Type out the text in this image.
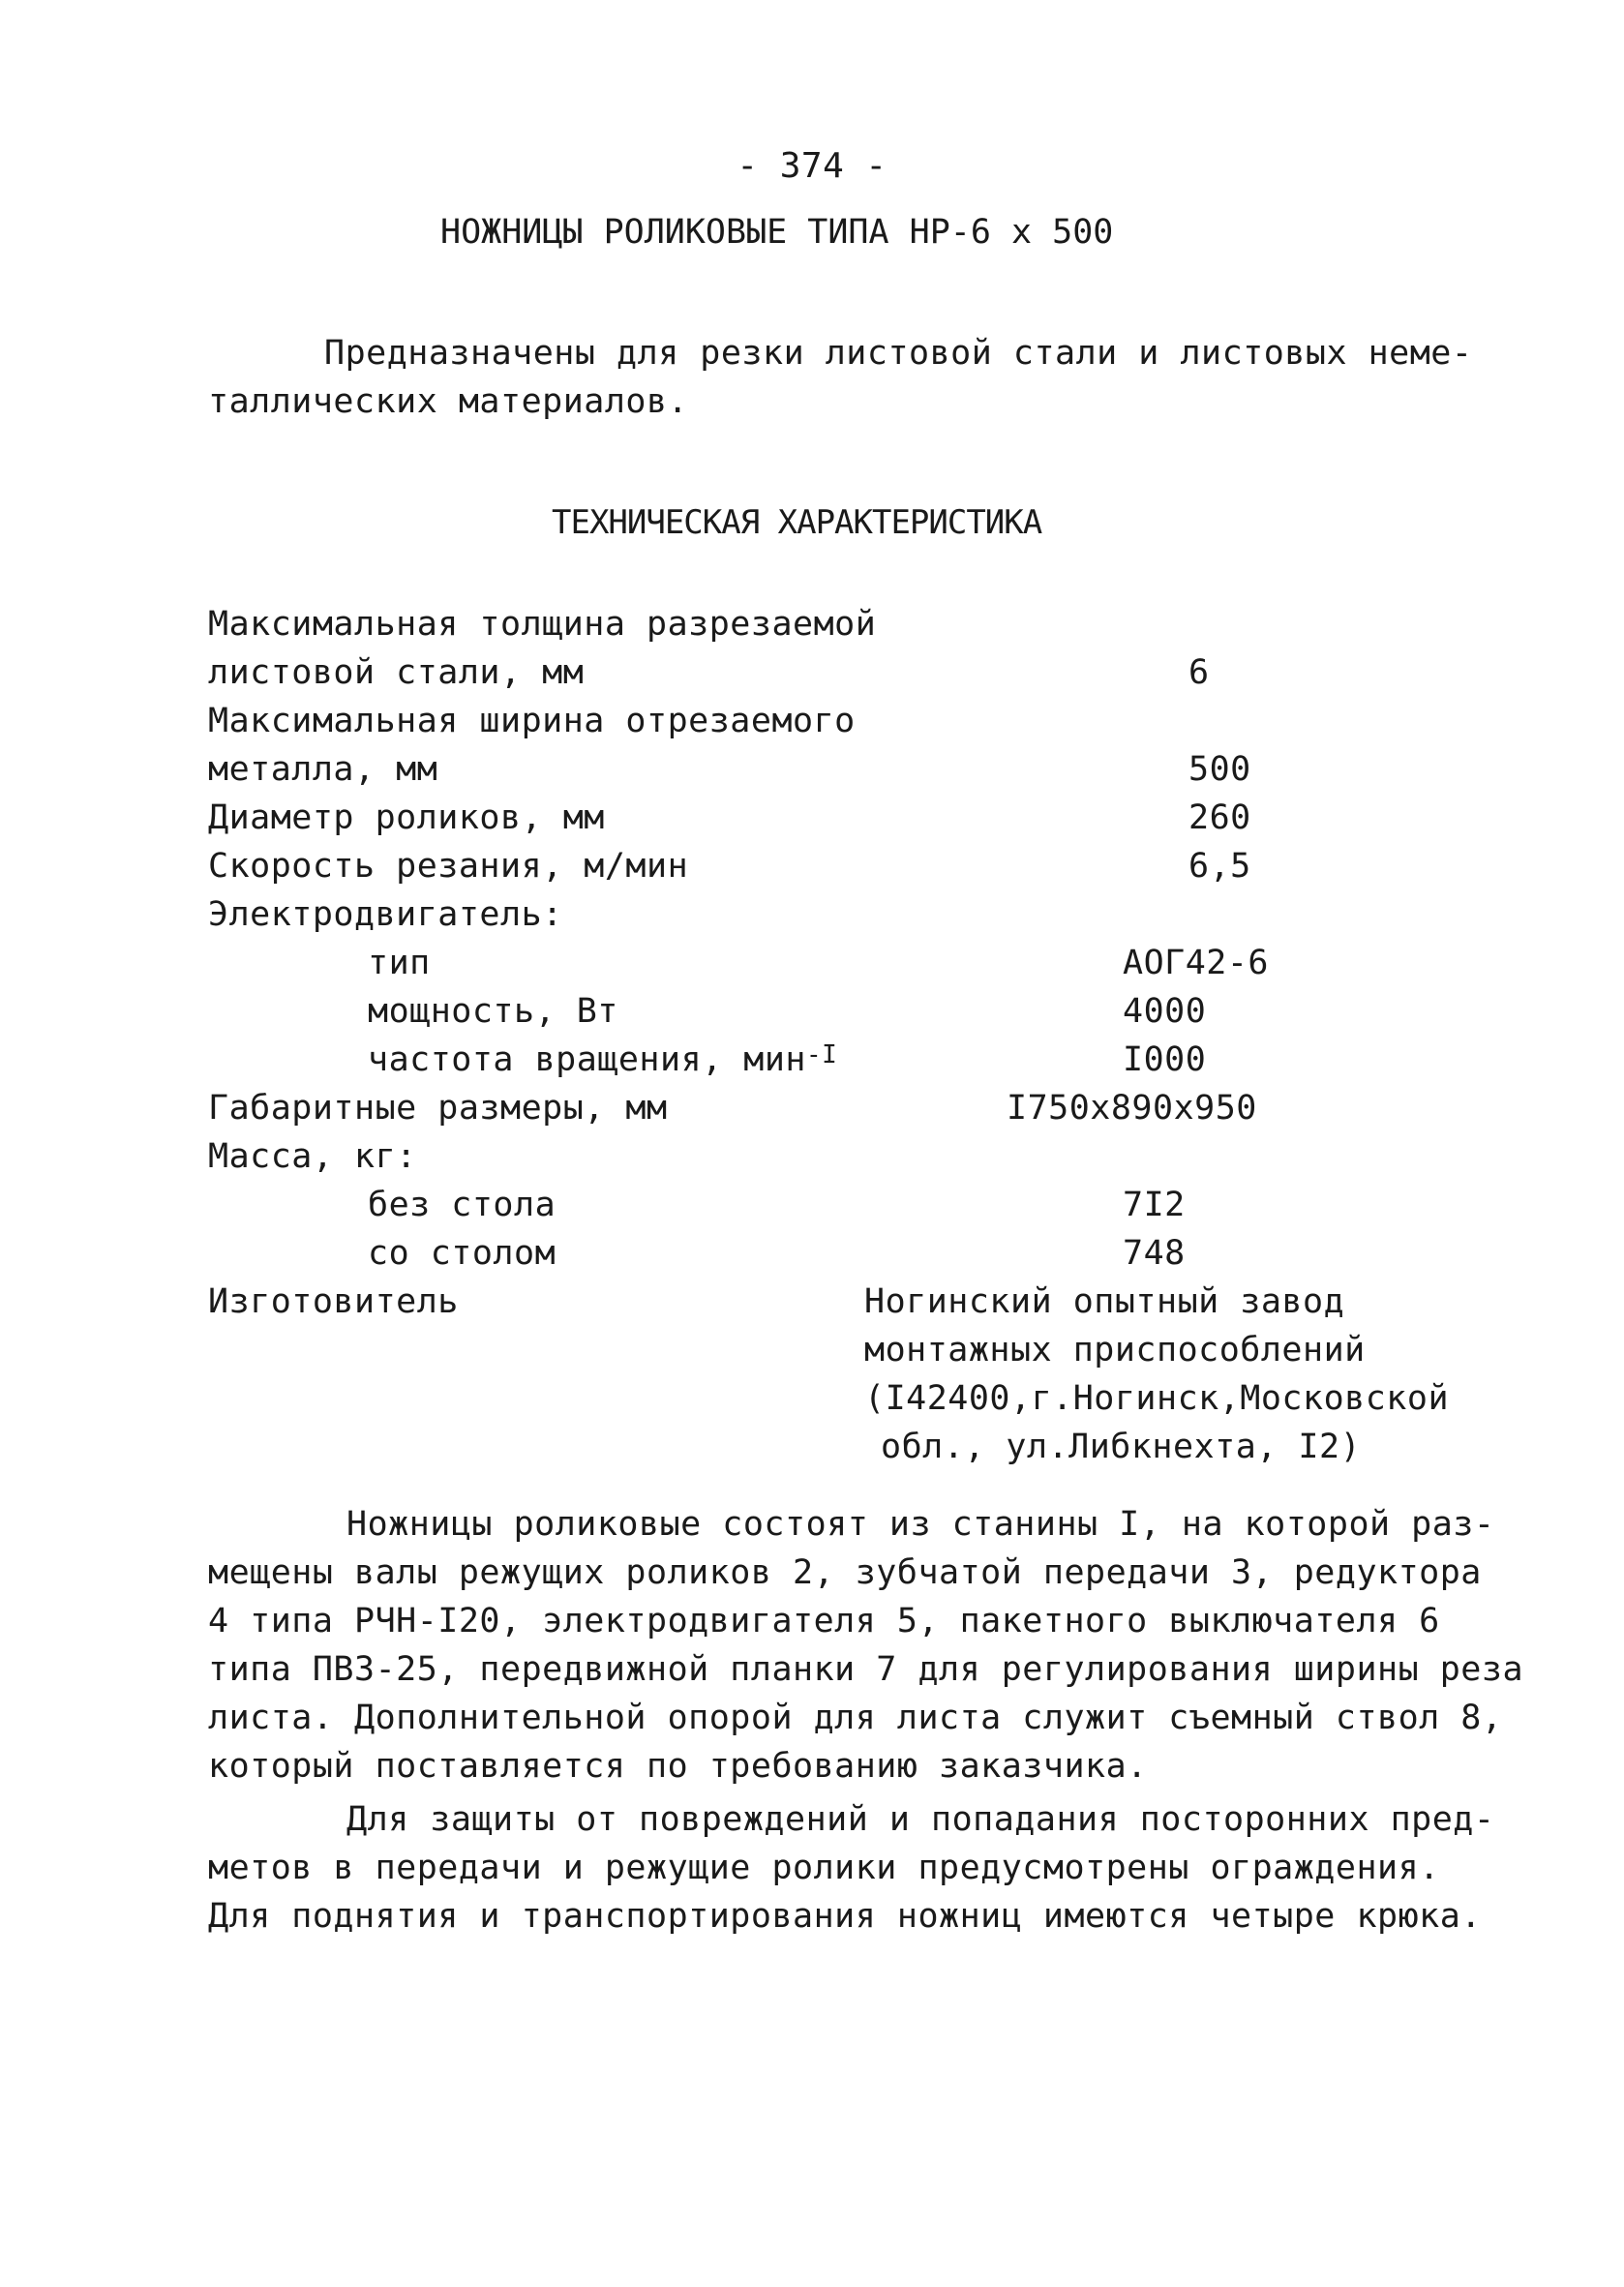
- 374 -
НОЖНИЦЫ РОЛИКОВЫЕ ТИПА НР-6 х 500
Предназначены для резки листовой стали и листовых неме-
таллических материалов.
ТЕХНИЧЕСКАЯ ХАРАКТЕРИСТИКА
Максимальная толщина разрезаемой
листовой стали, мм	6
Максимальная ширина отрезаемого
металла, мм	500
Диаметр роликов, мм	260
Скорость резания, м/мин	6,5
Электродвигатель:
тип	АОГ42-6
мощность, Вт	4000
частота вращения, мин$^{-I}$	I000
Габаритные размеры, мм	I750x890x950
Масса, кг:
без стола	7I2
со столом	748
Изготовитель	Ногинский опытный завод
монтажных приспособлений
(I42400,г.Ногинск,Московской
обл., ул.Либкнехта, I2)
Ножницы роликовые состоят из станины I, на которой раз-
мещены валы режущих роликов 2, зубчатой передачи 3, редуктора
4 типа РЧН-I20, электродвигателя 5, пакетного выключателя 6
типа ПВЗ-25, передвижной планки 7 для регулирования ширины реза
листа. Дополнительной опорой для листа служит съемный ствол 8,
который поставляется по требованию заказчика.
Для защиты от повреждений и попадания посторонних пред-
метов в передачи и режущие ролики предусмотрены ограждения.
Для поднятия и транспортирования ножниц имеются четыре крюка.
